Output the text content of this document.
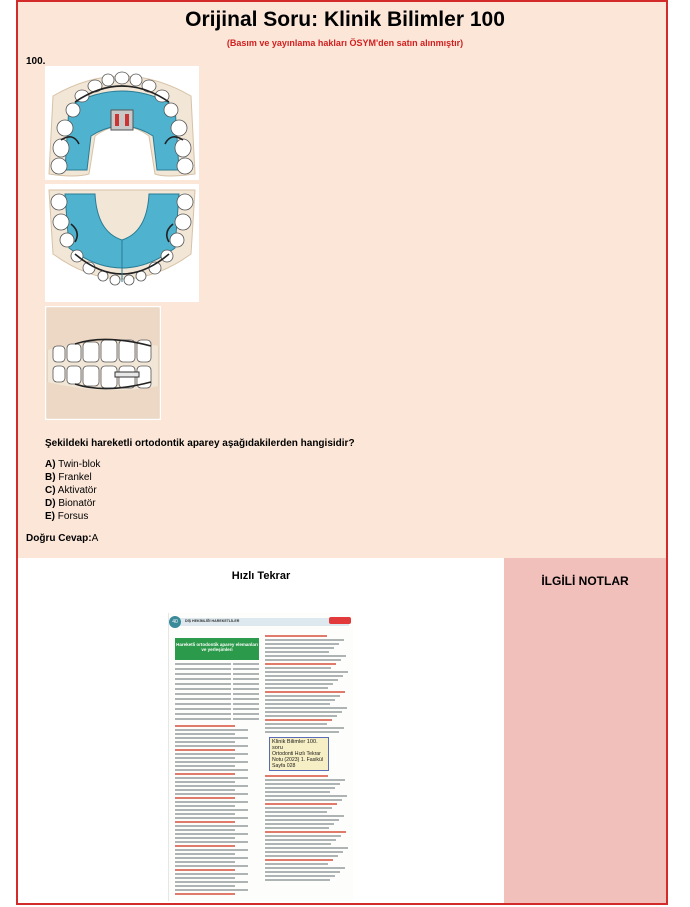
Orijinal Soru: Klinik Bilimler 100
(Basım ve yayınlama hakları ÖSYM'den satın alınmıştır)
100.
Şekildeki hareketli ortodontik aparey aşağıdakilerden hangisidir?
A) Twin-blok
B) Frankel
C) Aktivatör
D) Bionatör
E) Forsus
Doğru Cevap:A
İLGİLİ NOTLAR
Hızlı Tekrar
40	DİŞ HEKİMLİĞİ HAREKETLİLER
Hareketli ortodontik aparey elemanları ve yerleşimleri
Klinik Bilimler 100. soru
Ortodonti Hızlı Tekrar Notu (2023) 1. Fasikül Sayfa 028
